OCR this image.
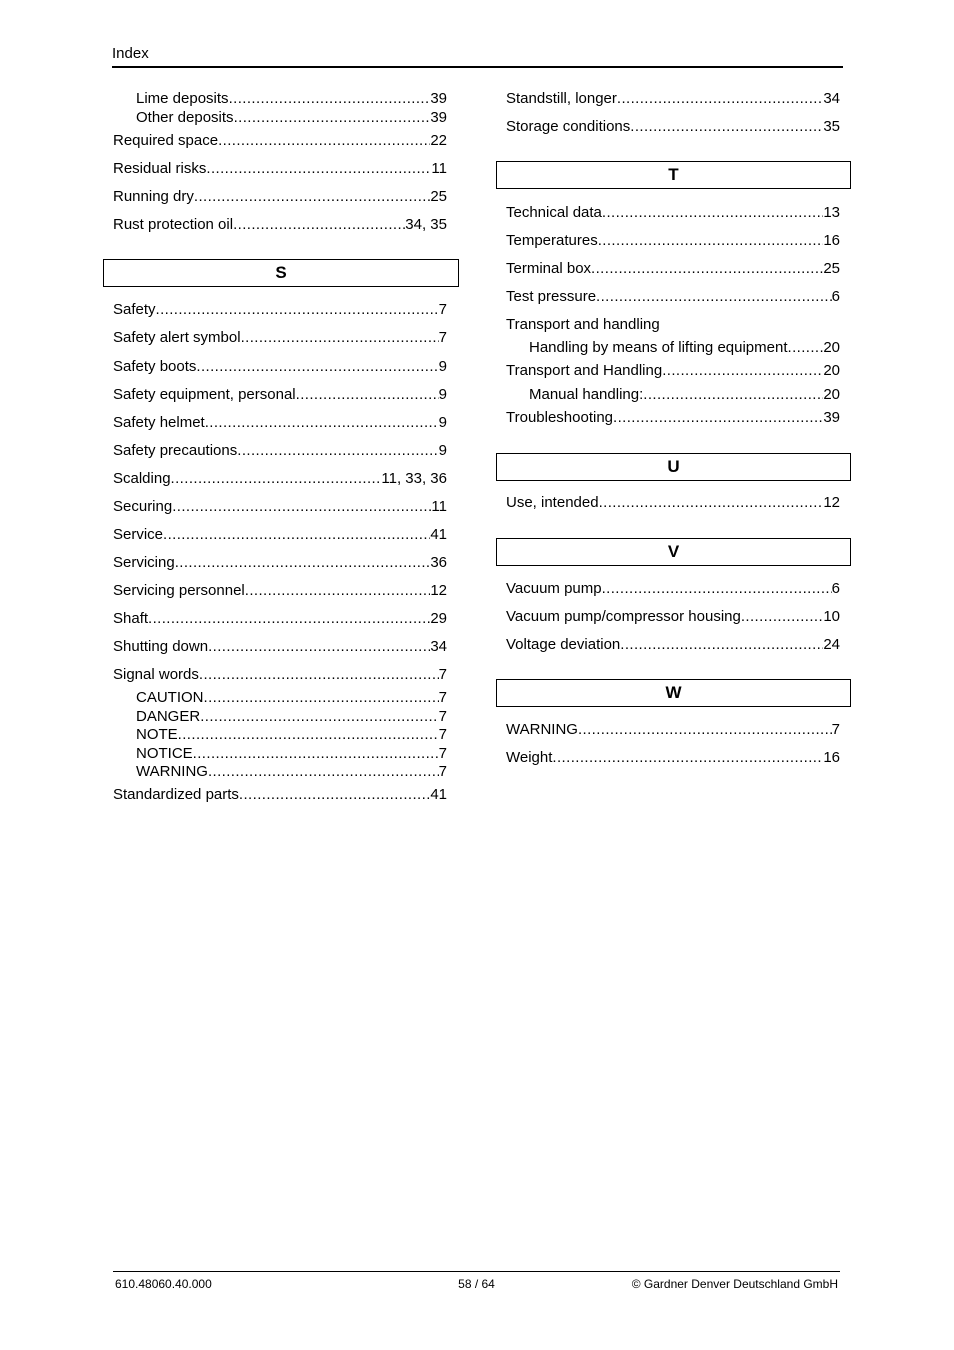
Index
Lime deposits .....	39
Other deposits .....	39
Required space .....	22
Residual risks .....	11
Running dry .....	25
Rust protection oil .....	34, 35
S
Safety .....	7
Safety alert symbol .....	7
Safety boots .....	9
Safety equipment, personal .....	9
Safety helmet .....	9
Safety precautions .....	9
Scalding .....	11, 33, 36
Securing .....	11
Service .....	41
Servicing .....	36
Servicing personnel .....	12
Shaft .....	29
Shutting down .....	34
Signal words .....	7
CAUTION .....	7
DANGER .....	7
NOTE .....	7
NOTICE .....	7
WARNING .....	7
Standardized parts .....	41
Standstill, longer .....	34
Storage conditions .....	35
T
Technical data .....	13
Temperatures .....	16
Terminal box .....	25
Test pressure .....	6
Transport and handling
Handling by means of lifting equipment ..... 20
Transport and Handling .....	20
Manual handling: .....	20
Troubleshooting .....	39
U
Use, intended .....	12
V
Vacuum pump .....	6
Vacuum pump/compressor housing .....	10
Voltage deviation .....	24
W
WARNING .....	7
Weight .....	16
610.48060.40.000	58 / 64	© Gardner Denver Deutschland GmbH
